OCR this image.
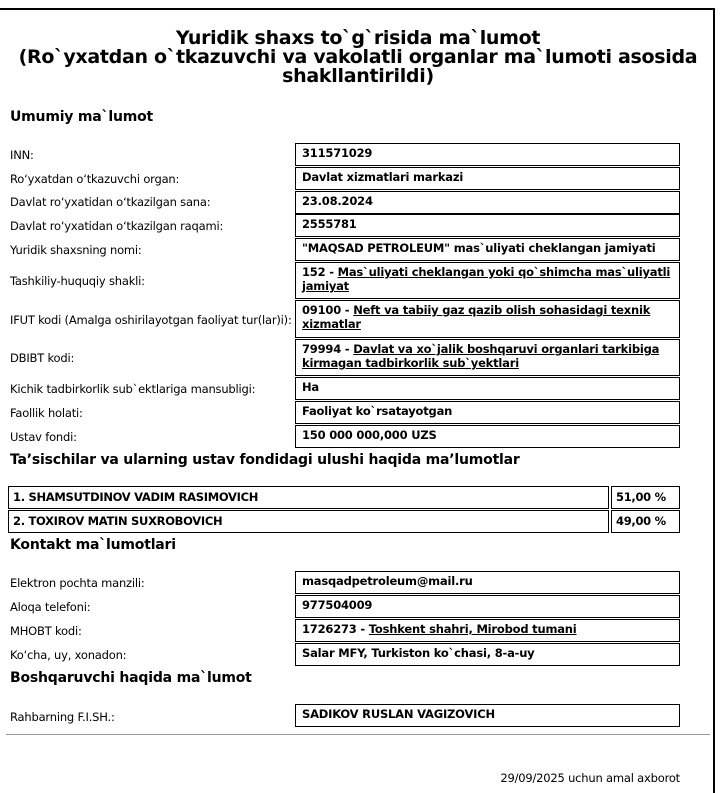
Yuridik shaxs to`g`risida ma`lumot
(Ro`yxatdan o`tkazuvchi va vakolatli organlar ma`lumoti asosida
shakllantirildi)
Umumiy ma`lumot
INN:	311571029
Ro‘yxatdan o‘tkazuvchi organ:	Davlat xizmatlari markazi
Davlat ro‘yxatidan o‘tkazilgan sana:	23.08.2024
Davlat ro‘yxatidan o‘tkazilgan raqami:	2555781
Yuridik shaxsning nomi:	"MAQSAD PETROLEUM" mas`uliyati cheklangan jamiyati
Tashkiliy-huquqiy shakli:
152 - Mas`uliyati cheklangan yoki qo`shimcha mas`uliyatli jamiyat
IFUT kodi (Amalga oshirilayotgan faoliyat tur(lar)i):
09100 - Neft va tabiiy gaz qazib olish sohasidagi texnik xizmatlar
DBIBT kodi:
79994 - Davlat va xo`jalik boshqaruvi organlari tarkibiga kirmagan tadbirkorlik sub`yektlari
Kichik tadbirkorlik sub`ektlariga mansubligi:	Ha
Faollik holati:	Faoliyat ko`rsatayotgan
Ustav fondi:	150 000 000,000 UZS
Ta’sischilar va ularning ustav fondidagi ulushi haqida ma’lumotlar
1. SHAMSUTDINOV VADIM RASIMOVICH	51,00 %
2. TOXIROV MATIN SUXROBOVICH	49,00 %
Kontakt ma`lumotlari
Elektron pochta manzili:	masqadpetroleum@mail.ru
Aloqa telefoni:	977504009
MHOBT kodi:	1726273 - Toshkent shahri, Mirobod tumani
Ko‘cha, uy, xonadon:	Salar MFY, Turkiston ko`chasi, 8-a-uy
Boshqaruvchi haqida ma`lumot
Rahbarning F.I.SH.:	SADIKOV RUSLAN VAGIZOVICH
29/09/2025 uchun amal axborot
